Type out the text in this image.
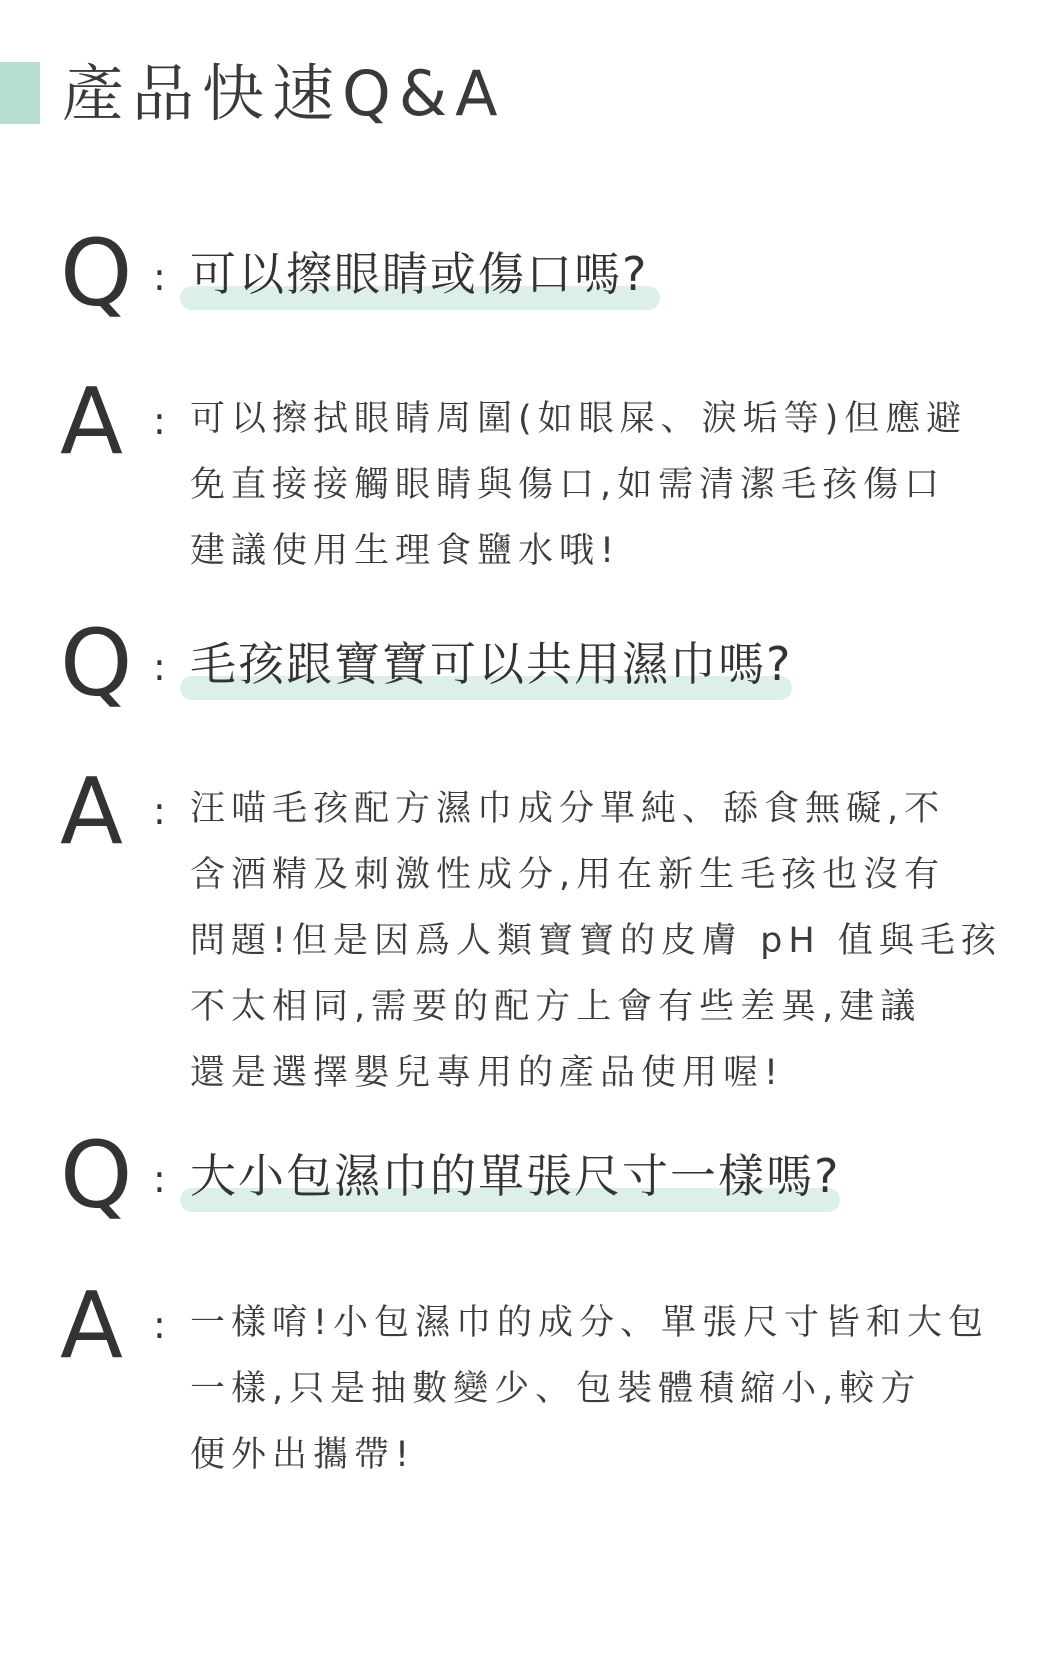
產品快速Q&A
Q : 可以擦眼睛或傷口嗎?
A : 可以擦拭眼睛周圍(如眼屎、淚垢等)但應避

免直接接觸眼睛與傷口,如需清潔毛孩傷口

建議使用生理食鹽水哦!

Q : 毛孩跟寶寶可以共用濕巾嗎?
A : 汪喵毛孩配方濕巾成分單純、舔食無礙,不

含酒精及刺激性成分,用在新生毛孩也沒有

問題!但是因爲人類寶寶的皮膚 pH 值與毛孩

不太相同,需要的配方上會有些差異,建議

還是選擇嬰兒專用的產品使用喔!

Q : 大小包濕巾的單張尺寸一樣嗎?
A : 一樣唷!小包濕巾的成分、單張尺寸皆和大包

一樣,只是抽數變少、包裝體積縮小,較方

便外出攜帶!
